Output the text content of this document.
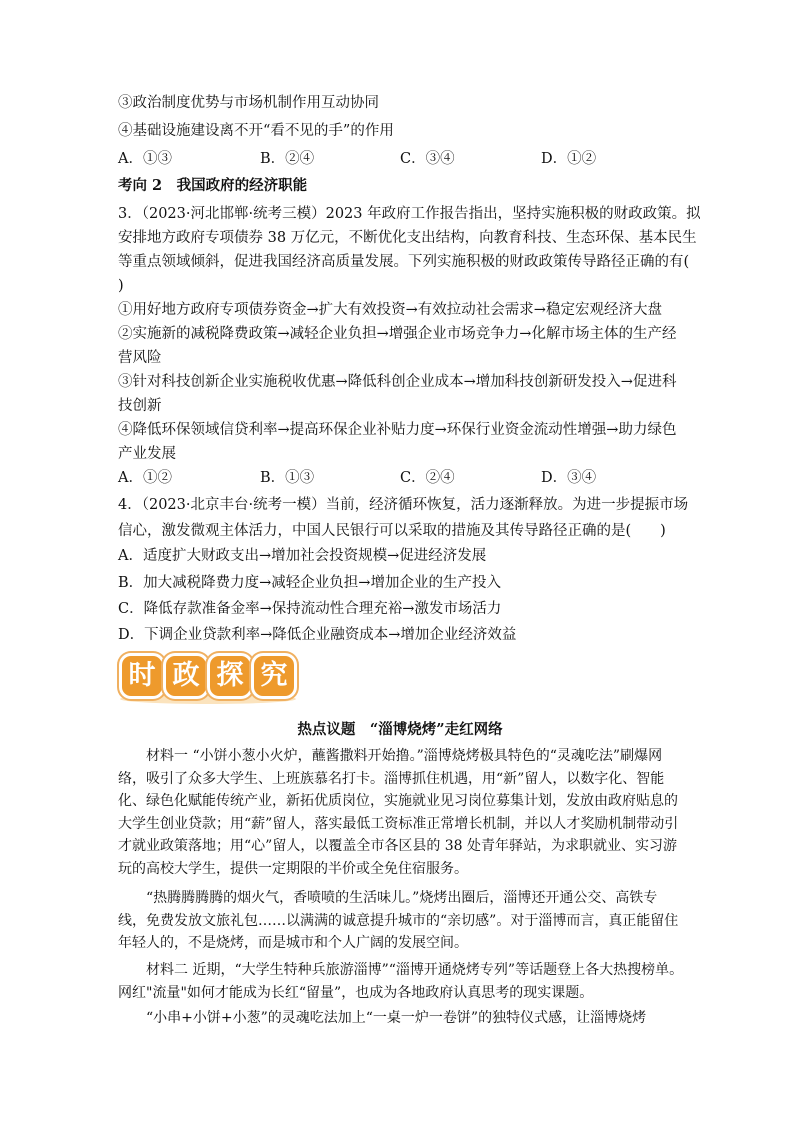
③政治制度优势与市场机制作用互动协同
④基础设施建设离不开“看不见的手”的作用
A．①③	B．②④	C．③④	D．①②
考向 2　我国政府的经济职能
3．（2023·河北邯郸·统考三模）2023 年政府工作报告指出，坚持实施积极的财政政策。拟
安排地方政府专项债券 38 万亿元，不断优化支出结构，向教育科技、生态环保、基本民生
等重点领域倾斜，促进我国经济高质量发展。下列实施积极的财政政策传导路径正确的有(
)
①用好地方政府专项债券资金→扩大有效投资→有效拉动社会需求→稳定宏观经济大盘
②实施新的减税降费政策→减轻企业负担→增强企业市场竞争力→化解市场主体的生产经
营风险
③针对科技创新企业实施税收优惠→降低科创企业成本→增加科技创新研发投入→促进科
技创新
④降低环保领域信贷利率→提高环保企业补贴力度→环保行业资金流动性增强→助力绿色
产业发展
A．①②	B．①③	C．②④	D．③④
4．（2023·北京丰台·统考一模）当前，经济循环恢复，活力逐渐释放。为进一步提振市场
信心，激发微观主体活力，中国人民银行可以采取的措施及其传导路径正确的是(　　)
A．适度扩大财政支出→增加社会投资规模→促进经济发展
B．加大减税降费力度→减轻企业负担→增加企业的生产投入
C．降低存款准备金率→保持流动性合理充裕→激发市场活力
D．下调企业贷款利率→降低企业融资成本→增加企业经济效益
时 政 探 究
热点议题　“淄博烧烤”走红网络
材料一 “小饼小葱小火炉，蘸酱撒料开始撸。”淄博烧烤极具特色的“灵魂吃法”刷爆网络，吸引了众多大学生、上班族慕名打卡。淄博抓住机遇，用“新”留人，以数字化、智能化、绿色化赋能传统产业，新拓优质岗位，实施就业见习岗位募集计划，发放由政府贴息的大学生创业贷款；用“薪”留人，落实最低工资标准正常增长机制，并以人才奖励机制带动引才就业政策落地；用“心”留人，以覆盖全市各区县的 38 处青年驿站，为求职就业、实习游玩的高校大学生，提供一定期限的半价或全免住宿服务。
“热腾腾腾腾的烟火气，香喷喷的生活味儿。”烧烤出圈后，淄博还开通公交、高铁专线，免费发放文旅礼包……以满满的诚意提升城市的“亲切感”。对于淄博而言，真正能留住年轻人的，不是烧烤，而是城市和个人广阔的发展空间。
材料二 近期，“大学生特种兵旅游淄博”“淄博开通烧烤专列”等话题登上各大热搜榜单。网红"流量"如何才能成为长红“留量”，也成为各地政府认真思考的现实课题。
“小串+小饼+小葱”的灵魂吃法加上“一桌一炉一卷饼”的独特仪式感，让淄博烧烤
